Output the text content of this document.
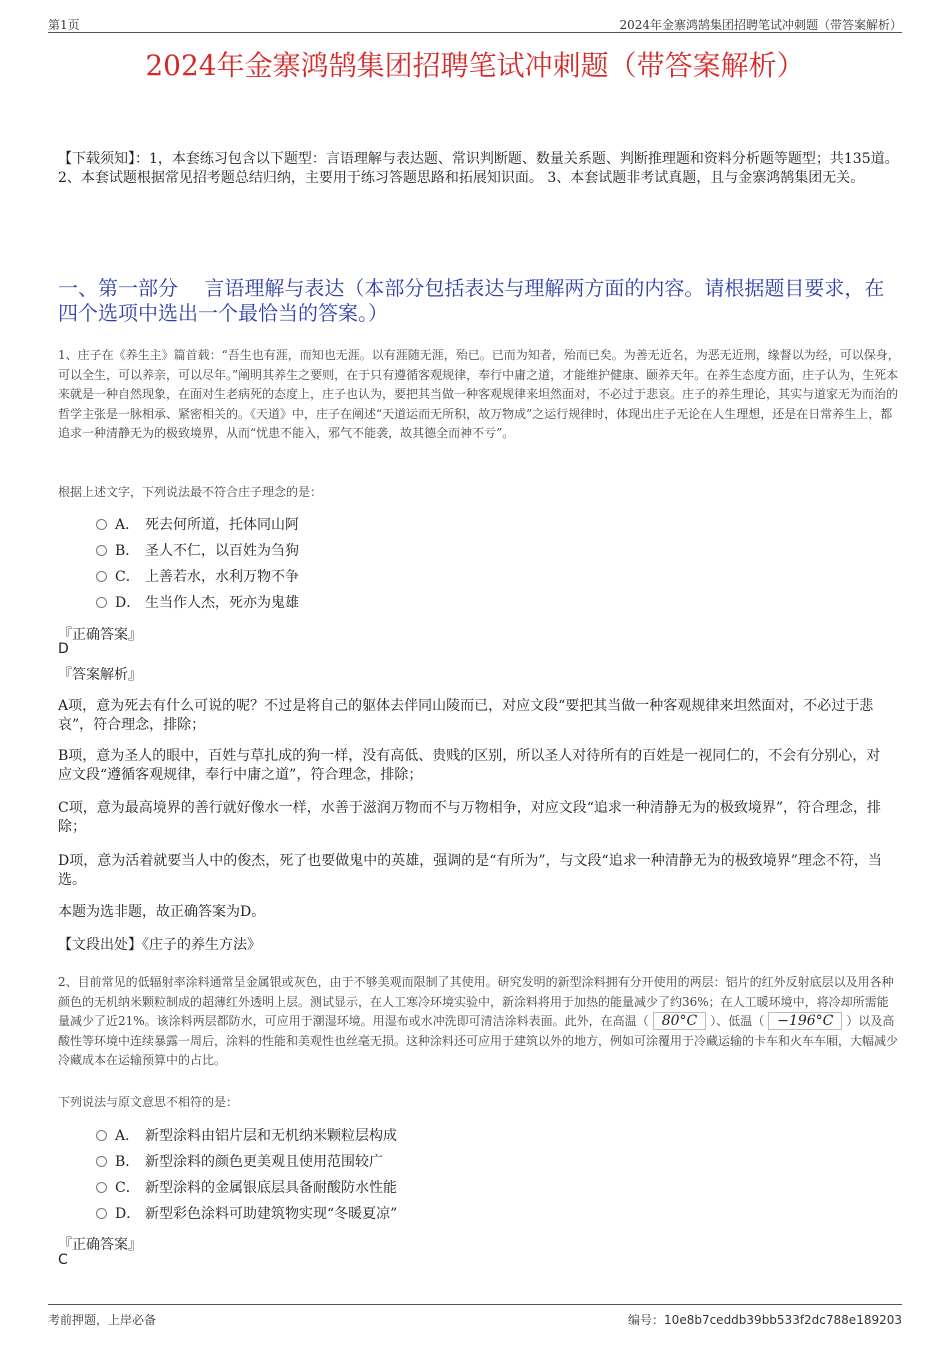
第1页	2024年金寨鸿鹄集团招聘笔试冲刺题（带答案解析）
2024年金寨鸿鹄集团招聘笔试冲刺题（带答案解析）
【下载须知】：1，本套练习包含以下题型：言语理解与表达题、常识判断题、数量关系题、判断推理题和资料分析题等题型；共135道。 2、本套试题根据常见招考题总结归纳，主要用于练习答题思路和拓展知识面。 3、本套试题非考试真题，且与金寨鸿鹄集团无关。
一、第一部分　 言语理解与表达（本部分包括表达与理解两方面的内容。请根据题目要求，在四个选项中选出一个最恰当的答案。）
1、庄子在《养生主》篇首载：“吾生也有涯，而知也无涯。以有涯随无涯，殆已。已而为知者，殆而已矣。为善无近名，为恶无近刑，缘督以为经，可以保身，可以全生，可以养亲，可以尽年。”阐明其养生之要则，在于只有遵循客观规律，奉行中庸之道，才能维护健康、颐养天年。在养生态度方面，庄子认为，生死本来就是一种自然现象，在面对生老病死的态度上，庄子也认为，要把其当做一种客观规律来坦然面对，不必过于悲哀。庄子的养生理论，其实与道家无为而治的哲学主张是一脉相承、紧密相关的。《天道》中，庄子在阐述“天道运而无所积，故万物成”之运行规律时，体现出庄子无论在人生理想，还是在日常养生上，都追求一种清静无为的极致境界，从而“忧患不能入，邪气不能袭，故其德全而神不亏”。
根据上述文字，下列说法最不符合庄子理念的是：
A． 死去何所道，托体同山阿
B． 圣人不仁，以百姓为刍狗
C． 上善若水，水利万物不争
D． 生当作人杰，死亦为鬼雄
『正确答案』
D
『答案解析』
A项，意为死去有什么可说的呢？不过是将自己的躯体去伴同山陵而已，对应文段“要把其当做一种客观规律来坦然面对，不必过于悲哀”，符合理念，排除；
B项，意为圣人的眼中，百姓与草扎成的狗一样，没有高低、贵贱的区别，所以圣人对待所有的百姓是一视同仁的，不会有分别心，对应文段“遵循客观规律，奉行中庸之道”，符合理念，排除；
C项，意为最高境界的善行就好像水一样，水善于滋润万物而不与万物相争，对应文段“追求一种清静无为的极致境界”，符合理念，排除；
D项，意为活着就要当人中的俊杰，死了也要做鬼中的英雄，强调的是“有所为”，与文段“追求一种清静无为的极致境界”理念不符，当选。
本题为选非题，故正确答案为D。
【文段出处】《庄子的养生方法》
2、目前常见的低辐射率涂料通常呈金属银或灰色，由于不够美观而限制了其使用。研究发明的新型涂料拥有分开使用的两层：铝片的红外反射底层以及用各种颜色的无机纳米颗粒制成的超薄红外透明上层。测试显示，在人工寒冷环境实验中，新涂料将用于加热的能量减少了约36%；在人工暖环境中，将冷却所需能量减少了近21%。该涂料两层都防水，可应用于潮湿环境。用湿布或水冲洗即可清洁涂料表面。此外，在高温（ 80°C ）、低温（ −196°C ）以及高酸性等环境中连续暴露一周后，涂料的性能和美观性也丝毫无损。这种涂料还可应用于建筑以外的地方，例如可涂覆用于冷藏运输的卡车和火车车厢，大幅减少冷藏成本在运输预算中的占比。
下列说法与原文意思不相符的是：
A． 新型涂料由铝片层和无机纳米颗粒层构成
B． 新型涂料的颜色更美观且使用范围较广
C． 新型涂料的金属银底层具备耐酸防水性能
D． 新型彩色涂料可助建筑物实现“冬暖夏凉”
『正确答案』
C
考前押题，上岸必备	编号：10e8b7ceddb39bb533f2dc788e189203
